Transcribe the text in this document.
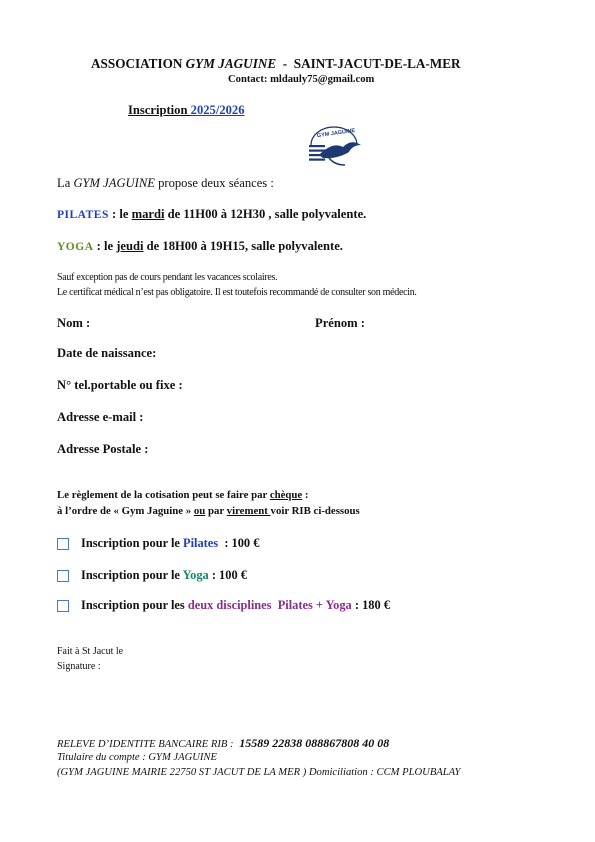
ASSOCIATION GYM JAGUINE  -  SAINT-JACUT-DE-LA-MER
Contact: mldauly75@gmail.com
Inscription 2025/2026
GYM JAGUINE
La GYM JAGUINE propose deux séances :
PILATES : le mardi de 11H00 à 12H30 , salle polyvalente.
YOGA : le jeudi de 18H00 à 19H15, salle polyvalente.
Sauf exception pas de cours pendant les vacances scolaires.
Le certificat médical n’est pas obligatoire. Il est toutefois recommandé de consulter son médecin.
Nom :	Prénom :
Date de naissance:
N° tel.portable ou fixe :
Adresse e-mail :
Adresse Postale :
Le règlement de la cotisation peut se faire par chèque :
à l’ordre de « Gym Jaguine » ou par virement voir RIB ci-dessous
Inscription pour le Pilates  : 100 €
Inscription pour le Yoga : 100 €
Inscription pour les deux disciplines  Pilates + Yoga : 180 €
Fait à St Jacut le
Signature :
RELEVE D’IDENTITE BANCAIRE RIB :  15589 22838 088867808 40 08
Titulaire du compte : GYM JAGUINE
(GYM JAGUINE MAIRIE 22750 ST JACUT DE LA MER ) Domiciliation : CCM PLOUBALAY
